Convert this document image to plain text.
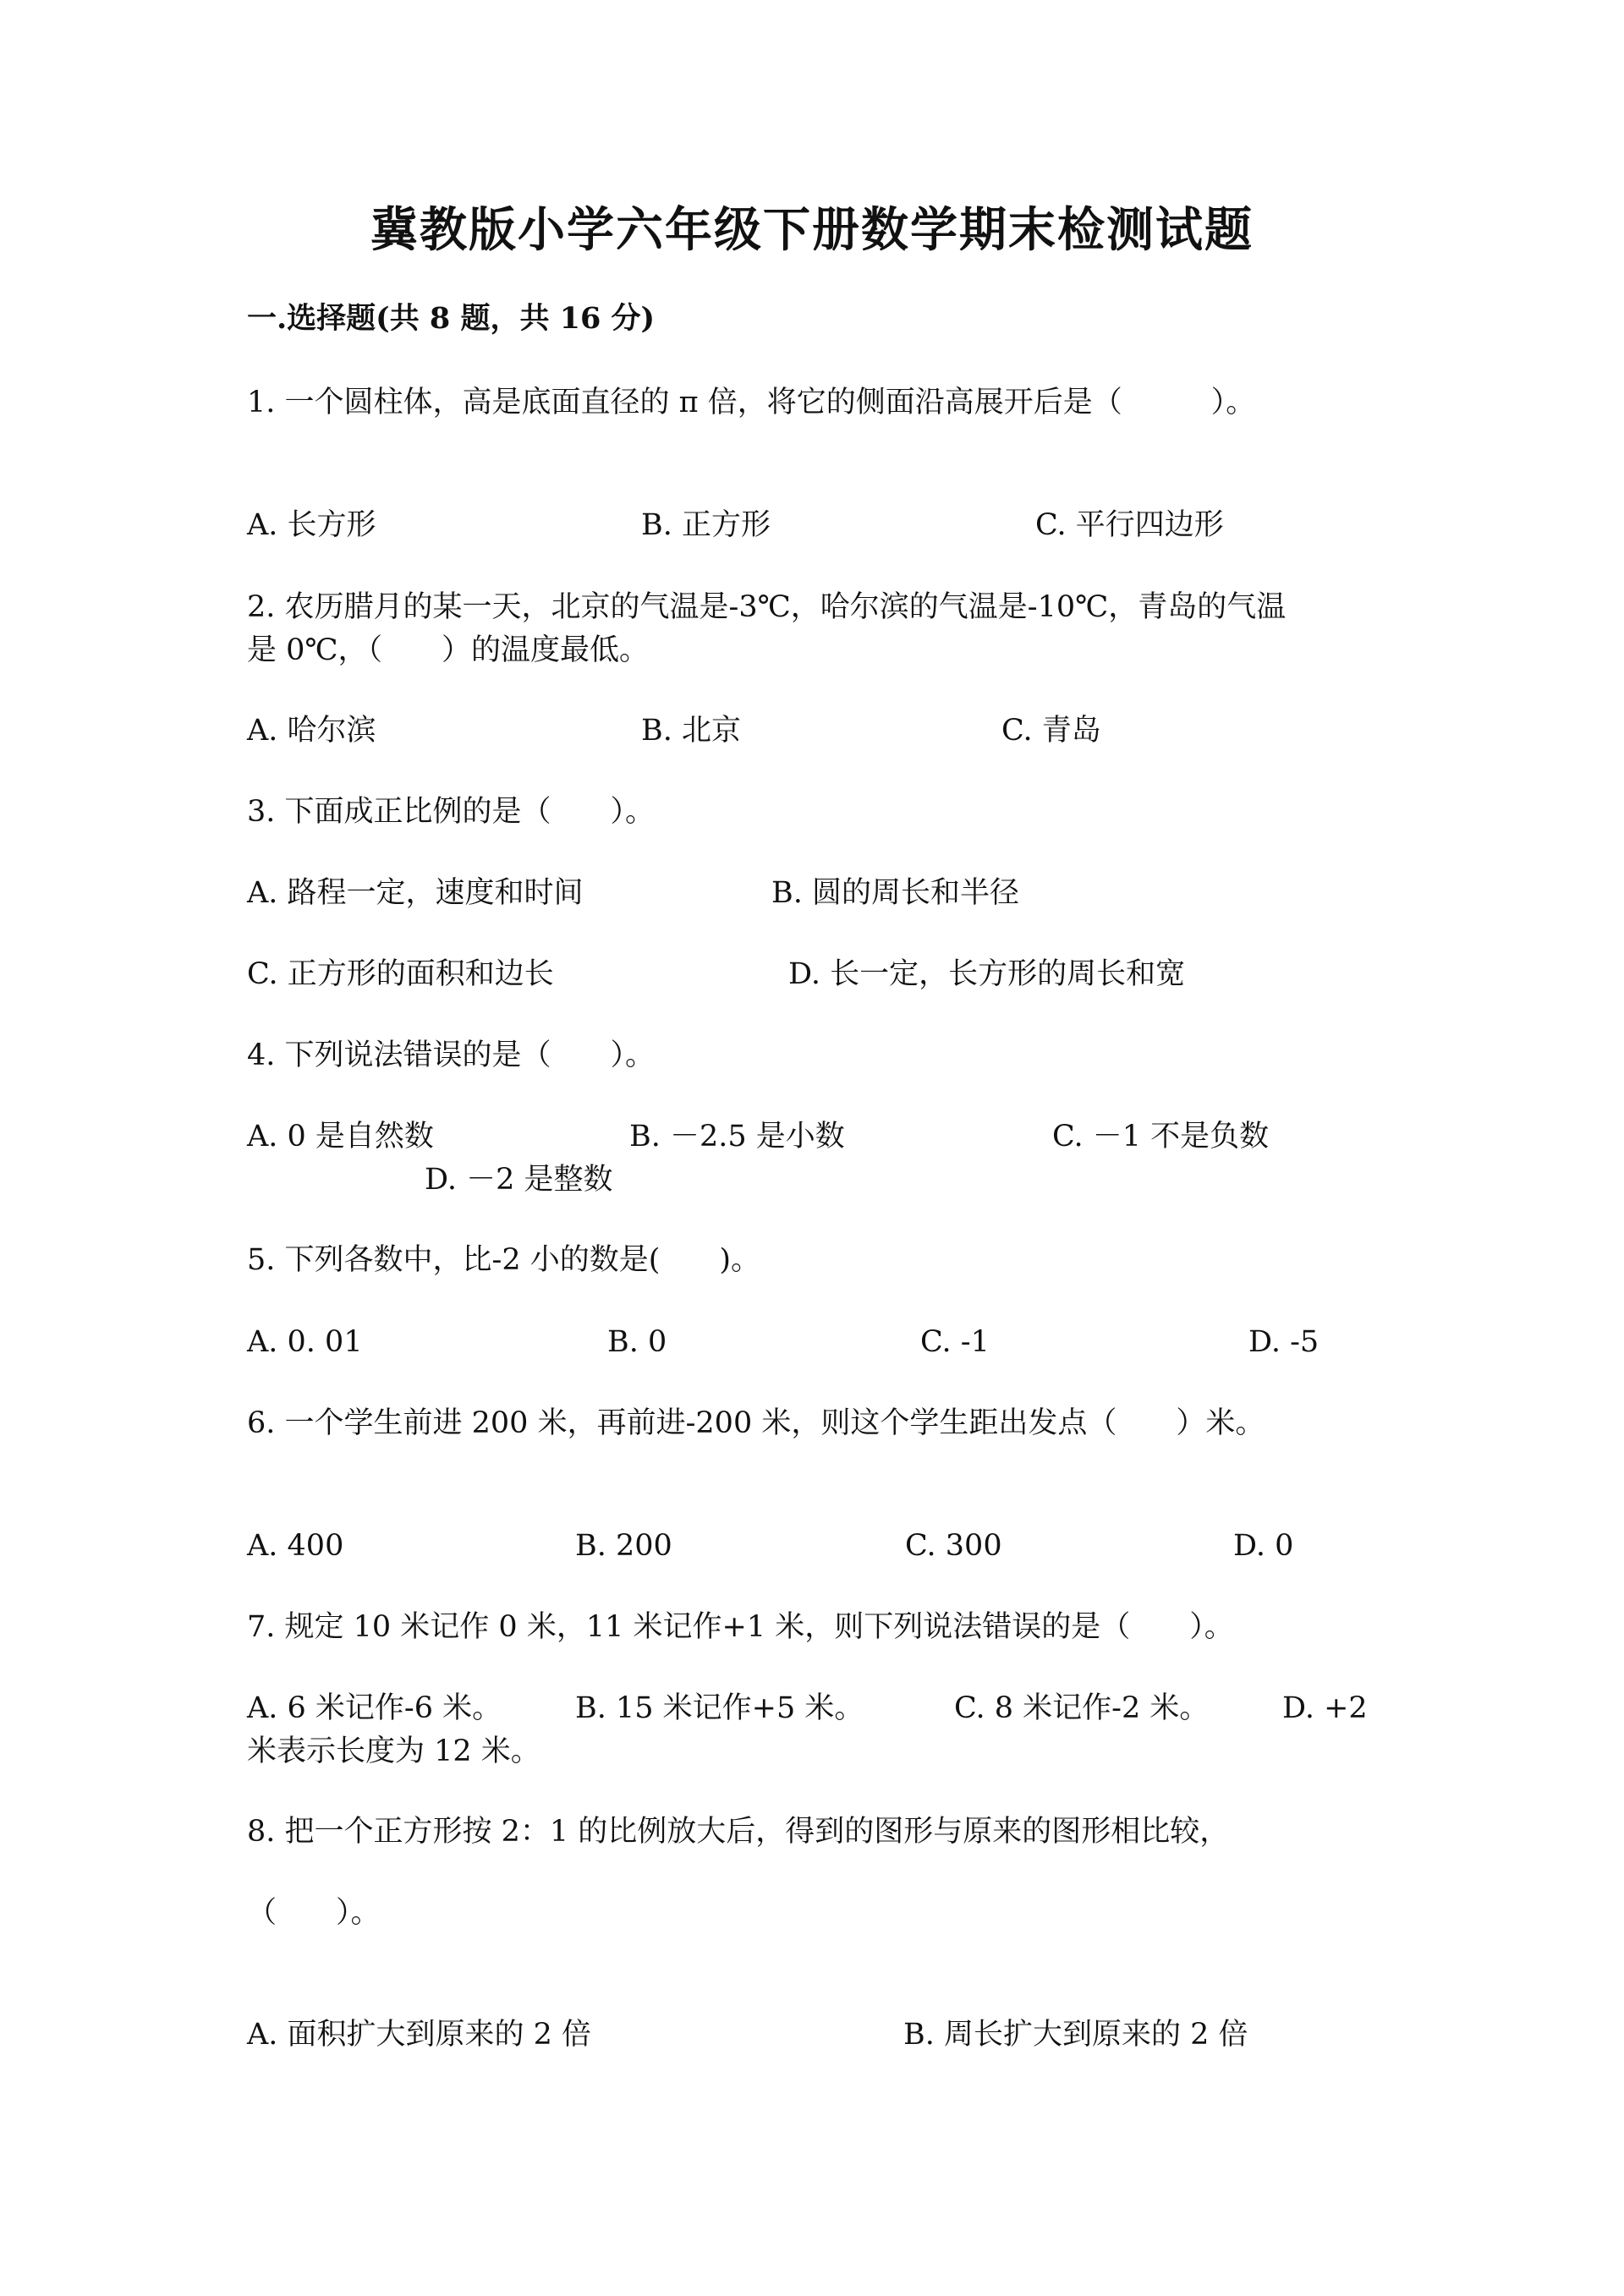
冀教版小学六年级下册数学期末检测试题
一.选择题(共 8 题，共 16 分)
1. 一个圆柱体，高是底面直径的 π 倍，将它的侧面沿高展开后是（　　　）。
A. 长方形	B. 正方形	C. 平行四边形
2. 农历腊月的某一天，北京的气温是-3℃，哈尔滨的气温是-10℃，青岛的气温
是 0℃，（　　）的温度最低。
A. 哈尔滨	B. 北京	C. 青岛
3. 下面成正比例的是（　　）。
A. 路程一定，速度和时间	B. 圆的周长和半径
C. 正方形的面积和边长	D. 长一定，长方形的周长和宽
4. 下列说法错误的是（　　）。
A. 0 是自然数	B. －2.5 是小数	C. －1 不是负数
D. －2 是整数
5. 下列各数中，比-2 小的数是(　　)。
A. 0. 01	B. 0	C. -1	D. -5
6. 一个学生前进 200 米，再前进-200 米，则这个学生距出发点（　　）米。
A. 400	B. 200	C. 300	D. 0
7. 规定 10 米记作 0 米，11 米记作+1 米，则下列说法错误的是（　　）。
A. 6 米记作-6 米。 B. 15 米记作+5 米。	C. 8 米记作-2 米。 D. +2
米表示长度为 12 米。
8. 把一个正方形按 2：1 的比例放大后，得到的图形与原来的图形相比较，
（　　）。
A. 面积扩大到原来的 2 倍	B. 周长扩大到原来的 2 倍
